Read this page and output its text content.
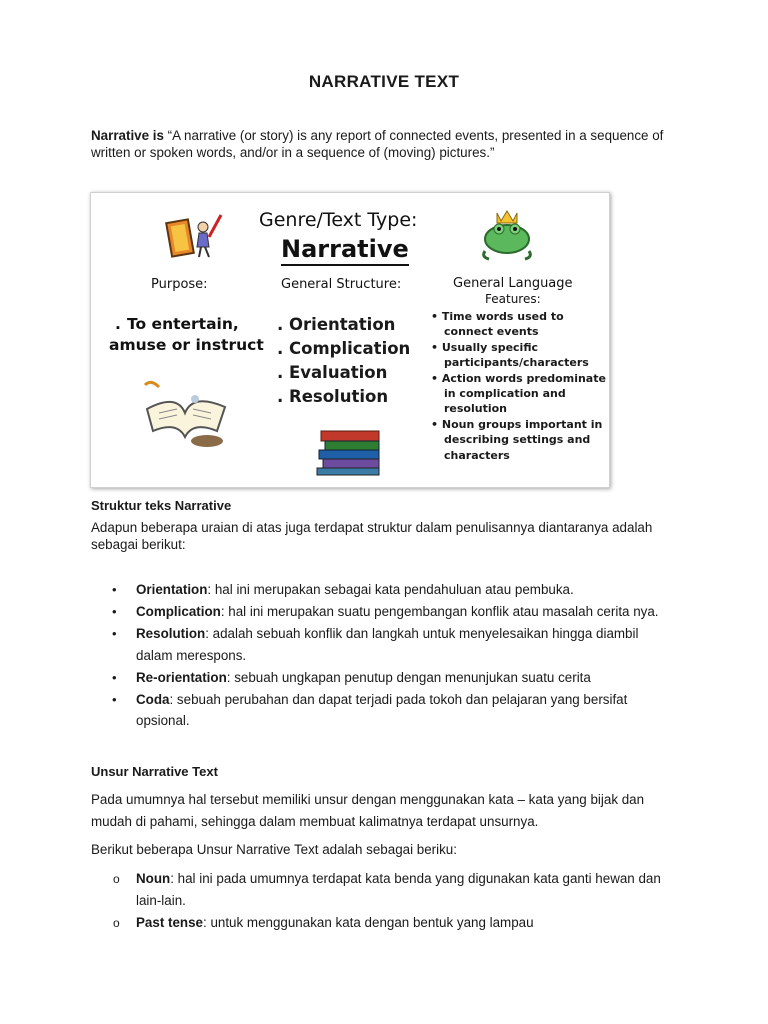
NARRATIVE TEXT

Narrative is “A narrative (or story) is any report of connected events, presented in a sequence of written or spoken words, and/or in a sequence of (moving) pictures.”

Genre/Text Type:
Narrative
Purpose:	General Structure:	General Language
Features:
. To entertain,
amuse or instruct
. Orientation
. Complication
. Evaluation
. Resolution
• Time words used to connect events
• Usually specific participants/characters
• Action words predominate in complication and resolution
• Noun groups important in describing settings and characters
Struktur teks Narrative

Adapun beberapa uraian di atas juga terdapat struktur dalam penulisannya diantaranya adalah sebagai berikut:

• Orientation: hal ini merupakan sebagai kata pendahuluan atau pembuka.
• Complication: hal ini merupakan suatu pengembangan konflik atau masalah cerita nya.
• Resolution: adalah sebuah konflik dan langkah untuk menyelesaikan hingga diambil dalam merespons.
• Re-orientation: sebuah ungkapan penutup dengan menunjukan suatu cerita
• Coda: sebuah perubahan dan dapat terjadi pada tokoh dan pelajaran yang bersifat opsional.
Unsur Narrative Text

Pada umumnya hal tersebut memiliki unsur dengan menggunakan kata – kata yang bijak dan mudah di pahami, sehingga dalam membuat kalimatnya terdapat unsurnya.

Berikut beberapa Unsur Narrative Text adalah sebagai beriku:

o Noun: hal ini pada umumnya terdapat kata benda yang digunakan kata ganti hewan dan lain-lain.
o Past tense: untuk menggunakan kata dengan bentuk yang lampau
